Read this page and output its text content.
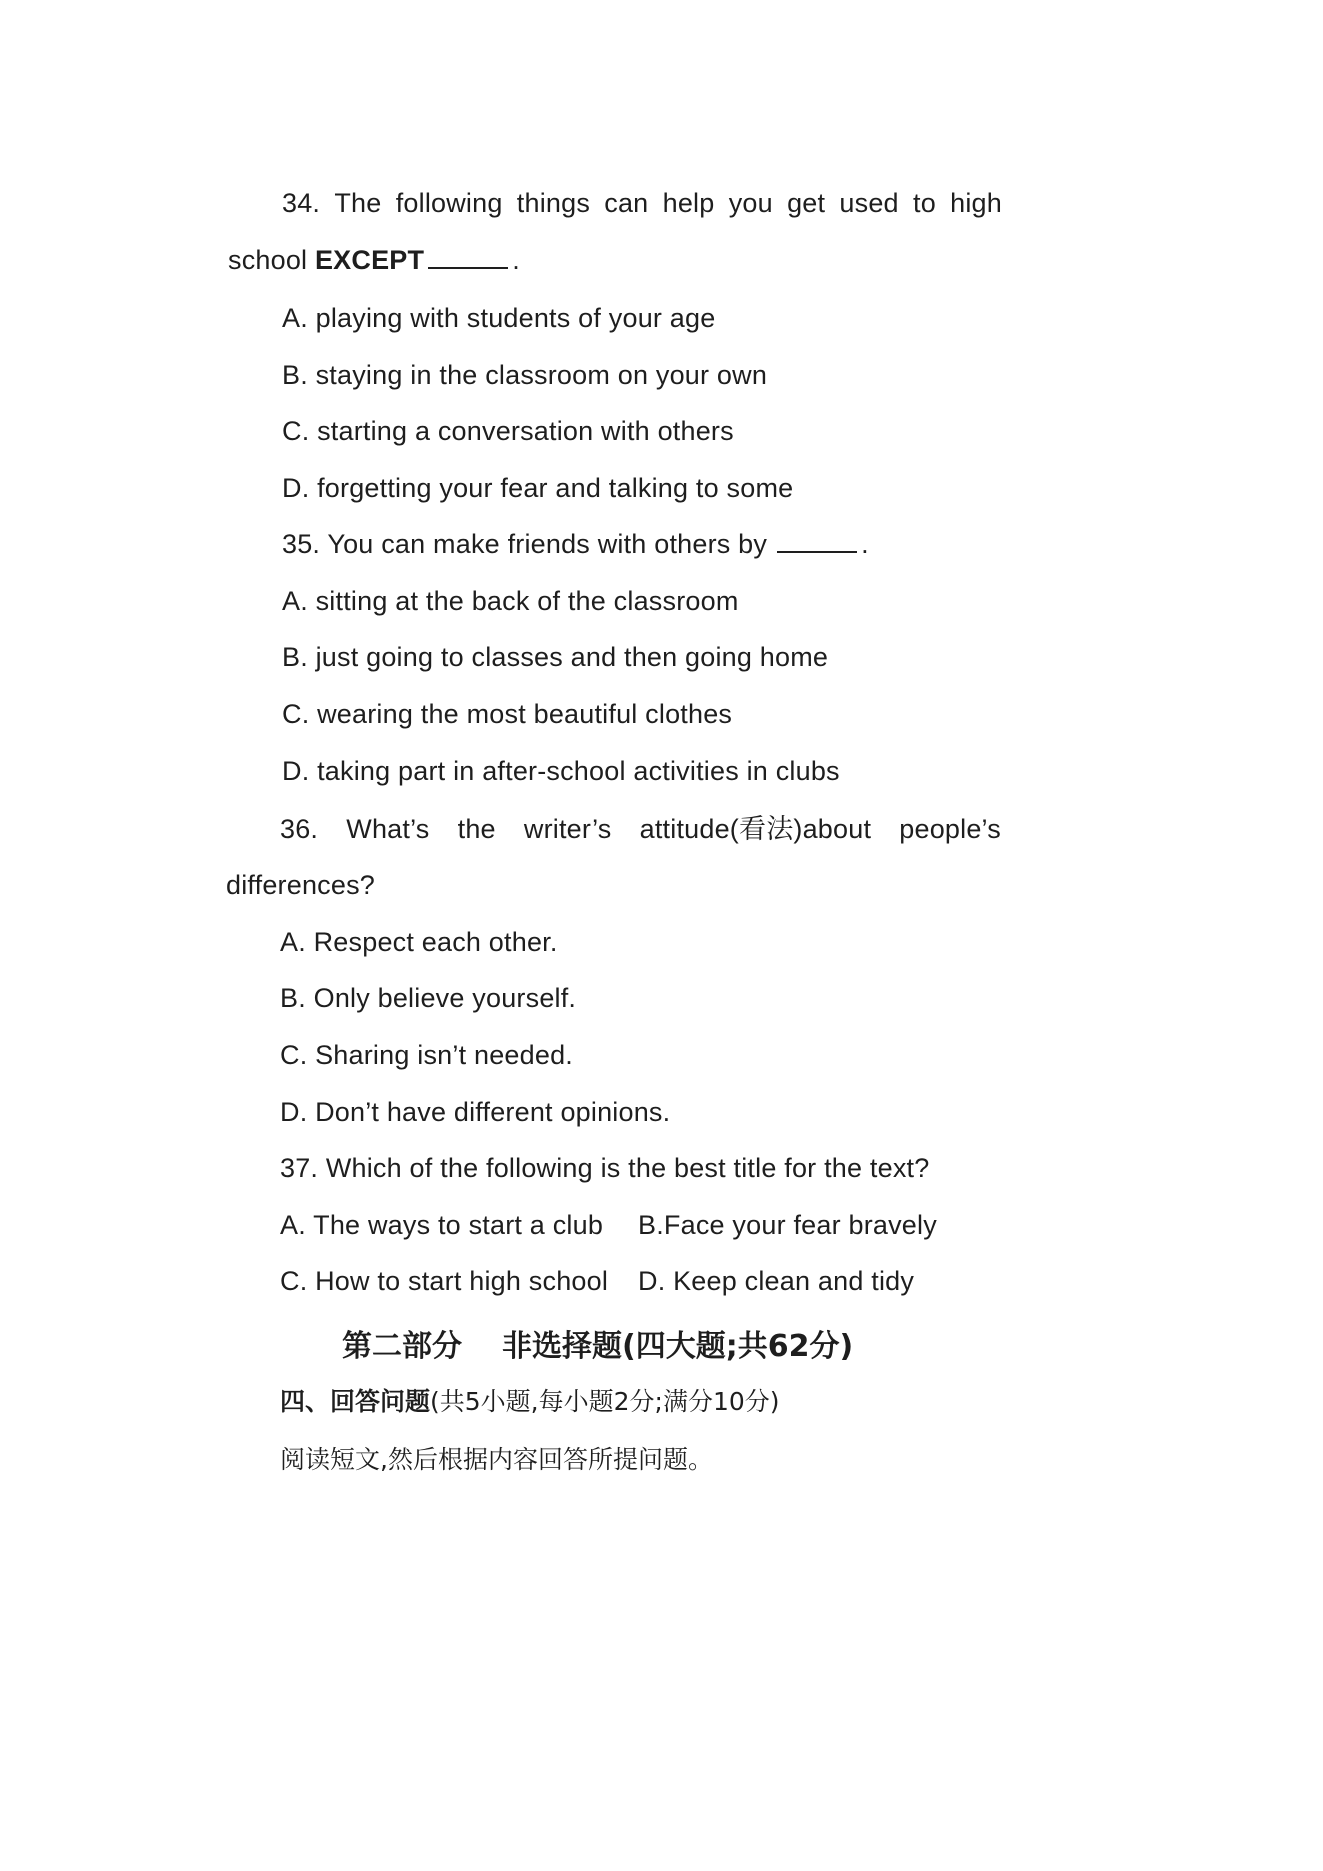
34. The following things can help you get used to high
school EXCEPT	.
A. playing with students of your age
B. staying in the classroom on your own
C. starting a conversation with others
D. forgetting your fear and talking to some
35. You can make friends with others by	.
A. sitting at the back of the classroom
B. just going to classes and then going home
C. wearing the most beautiful clothes
D. taking part in after-school activities in clubs
36. What’s the writer’s attitude(看法)about people’s
differences?
A. Respect each other.
B. Only believe yourself.
C. Sharing isn’t needed.
D. Don’t have different opinions.
37. Which of the following is the best title for the text?
A. The ways to start a club B.Face your fear bravely
C. How to start high school D. Keep clean and tidy
第二部分 非选择题(四大题;共62分)
四、回答问题(共5小题,每小题2分;满分10分)
阅读短文,然后根据内容回答所提问题。
